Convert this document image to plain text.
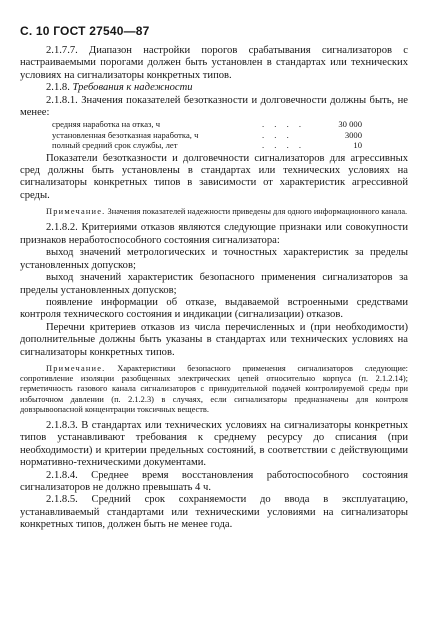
С. 10 ГОСТ 27540—87

2.1.7.7. Диапазон настройки порогов срабатывания сигнализаторов с настраиваемыми порогами должен быть установлен в стандартах или технических условиях на сигнализаторы конкретных типов.

2.1.8. Требования к надежности

2.1.8.1. Значения показателей безотказности и долговечности должны быть, не менее:

средняя наработка на отказ, ч	. . . .	30 000
установленная безотказная наработка, ч	. . .	3000
полный средний срок службы, лет	. . . .	10

Показатели безотказности и долговечности сигнализаторов для агрессивных сред должны быть установлены в стандартах или технических условиях на сигнализаторы конкретных типов в зависимости от характеристик агрессивной среды.

Примечание. Значения показателей надежности приведены для одного информационного канала.

2.1.8.2. Критериями отказов являются следующие признаки или совокупности признаков неработоспособного состояния сигнализатора:

выход значений метрологических и точностных характеристик за пределы установленных допусков;

выход значений характеристик безопасного применения сигнализаторов за пределы установленных допусков;

появление информации об отказе, выдаваемой встроенными средствами контроля технического состояния и индикации (сигнализации) отказов.

Перечни критериев отказов из числа перечисленных и (при необходимости) дополнительные должны быть указаны в стандартах или технических условиях на сигнализаторы конкретных типов.

Примечание. Характеристики безопасного применения сигнализаторов следующие: сопротивление изоляции разобщенных электрических цепей относительно корпуса (п. 2.1.2.14); герметичность газового канала сигнализаторов с принудительной подачей контролируемой среды при избыточном давлении (п. 2.1.2.3) в случаях, если сигнализаторы предназначены для контроля довзрывоопасной концентрации токсичных веществ.

2.1.8.3. В стандартах или технических условиях на сигнализаторы конкретных типов устанавливают требования к среднему ресурсу до списания (при необходимости) и критерии предельных состояний, в соответствии с действующими нормативно-техническими документами.

2.1.8.4. Среднее время восстановления работоспособного состояния сигнализаторов не должно превышать 4 ч.

2.1.8.5. Средний срок сохраняемости до ввода в эксплуатацию, устанавливаемый стандартами или техническими условиями на сигнализаторы конкретных типов, должен быть не менее года.
